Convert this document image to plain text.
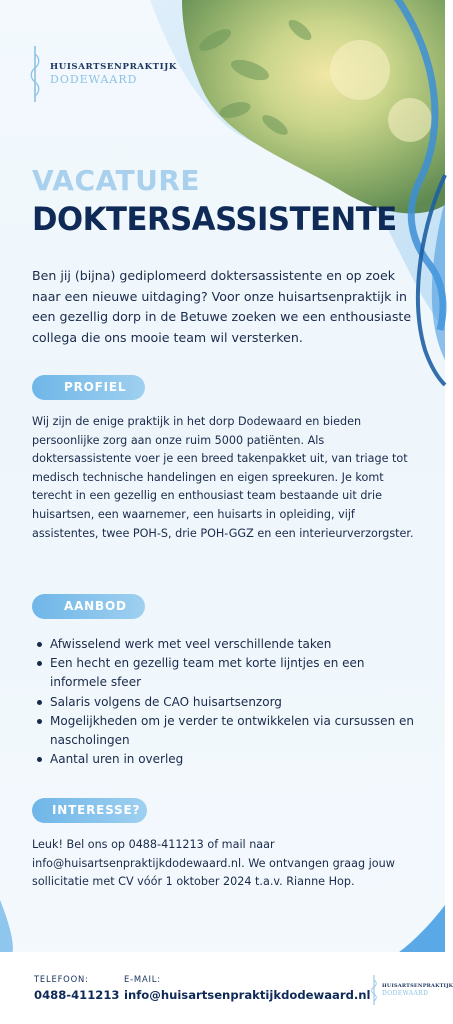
HUISARTSENPRAKTIJK
DODEWAARD
VACATURE
DOKTERSASSISTENTE

Ben jij (bijna) gediplomeerd doktersassistente en op zoek naar een nieuwe uitdaging? Voor onze huisartsenpraktijk in een gezellig dorp in de Betuwe zoeken we een enthousiaste collega die ons mooie team wil versterken.

PROFIEL

Wij zijn de enige praktijk in het dorp Dodewaard en bieden persoonlijke zorg aan onze ruim 5000 patiënten. Als doktersassistente voer je een breed takenpakket uit, van triage tot medisch technische handelingen en eigen spreekuren. Je komt terecht in een gezellig en enthousiast team bestaande uit drie huisartsen, een waarnemer, een huisarts in opleiding, vijf assistentes, twee POH-S, drie POH-GGZ en een interieurverzorgster.

AANBOD
Afwisselend werk met veel verschillende taken
Een hecht en gezellig team met korte lijntjes en een informele sfeer
Salaris volgens de CAO huisartsenzorg
Mogelijkheden om je verder te ontwikkelen via cursussen en nascholingen
Aantal uren in overleg
INTERESSE?

Leuk! Bel ons op 0488-411213 of mail naar info@huisartsenpraktijkdodewaard.nl. We ontvangen graag jouw sollicitatie met CV vóór 1 oktober 2024 t.a.v. Rianne Hop.

TELEFOON:
0488-411213
E-MAIL:
info@huisartsenpraktijkdodewaard.nl
HUISARTSENPRAKTIJK
DODEWAARD
